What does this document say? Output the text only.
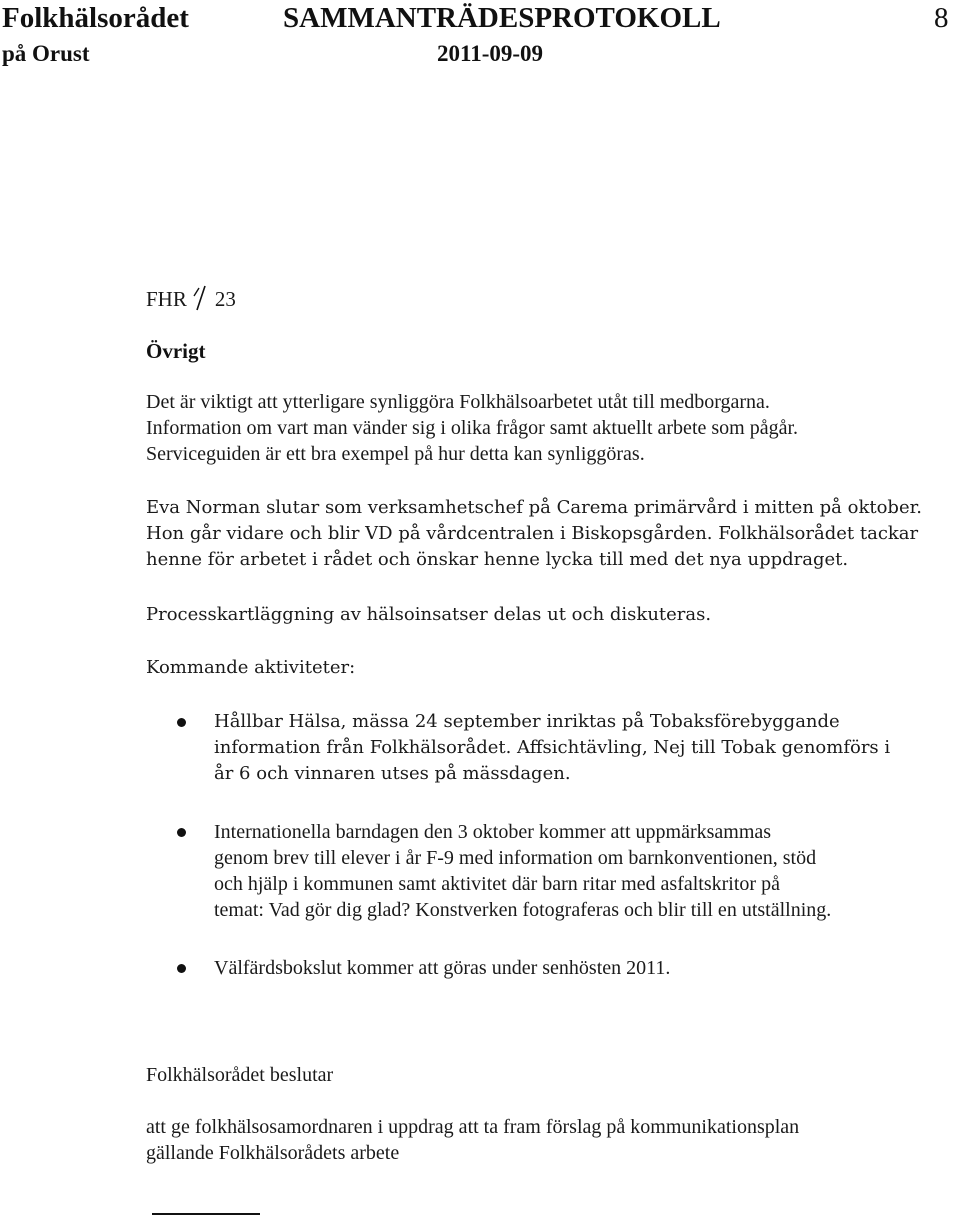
Folkhälsorådet	SAMMANTRÄDESPROTOKOLL	8
på Orust	2011-09-09
FHR 23
Övrigt
Det är viktigt att ytterligare synliggöra Folkhälsoarbetet utåt till medborgarna.
Information om vart man vänder sig i olika frågor samt aktuellt arbete som pågår.
Serviceguiden är ett bra exempel på hur detta kan synliggöras.
Eva Norman slutar som verksamhetschef på Carema primärvård i mitten på oktober.
Hon går vidare och blir VD på vårdcentralen i Biskopsgården. Folkhälsorådet tackar
henne för arbetet i rådet och önskar henne lycka till med det nya uppdraget.
Processkartläggning av hälsoinsatser delas ut och diskuteras.
Kommande aktiviteter:
Hållbar Hälsa, mässa 24 september inriktas på Tobaksförebyggande
information från Folkhälsorådet. Affsichtävling, Nej till Tobak genomförs i
år 6 och vinnaren utses på mässdagen.
Internationella barndagen den 3 oktober kommer att uppmärksammas
genom brev till elever i år F-9 med information om barnkonventionen, stöd
och hjälp i kommunen samt aktivitet där barn ritar med asfaltskritor på
temat: Vad gör dig glad? Konstverken fotograferas och blir till en utställning.
Välfärdsbokslut kommer att göras under senhösten 2011.
Folkhälsorådet beslutar
att ge folkhälsosamordnaren i uppdrag att ta fram förslag på kommunikationsplan
gällande Folkhälsorådets arbete
